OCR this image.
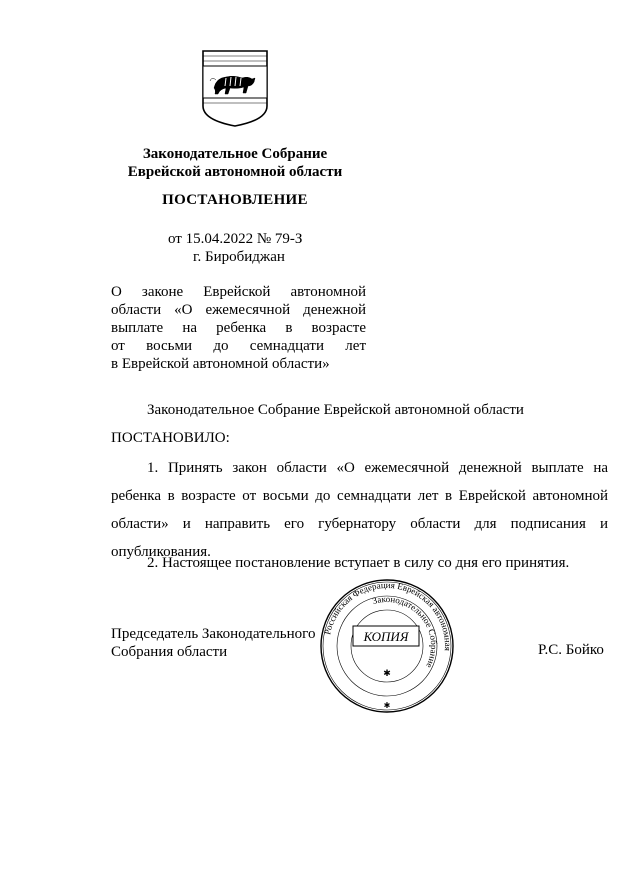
Законодательное Собрание
Еврейской автономной области
ПОСТАНОВЛЕНИЕ
от 15.04.2022 № 79-З
г. Биробиджан
О законе Еврейской автономной
области «О ежемесячной денежной
выплате на ребенка в возрасте
от восьми до семнадцати лет
в Еврейской автономной области»
Законодательное Собрание Еврейской автономной области
ПОСТАНОВИЛО:
1. Принять закон области «О ежемесячной денежной выплате на
ребенка в возрасте от восьми до семнадцати лет в Еврейской автономной
области» и направить его губернатору области для подписания и
опубликования.
2. Настоящее постановление вступает в силу со дня его принятия.
Председатель Законодательного
Собрания области	Р.С. Бойко
Российская Федерация Еврейская автономная
Законодательное Собрание
КОПИЯ
✱
✱
